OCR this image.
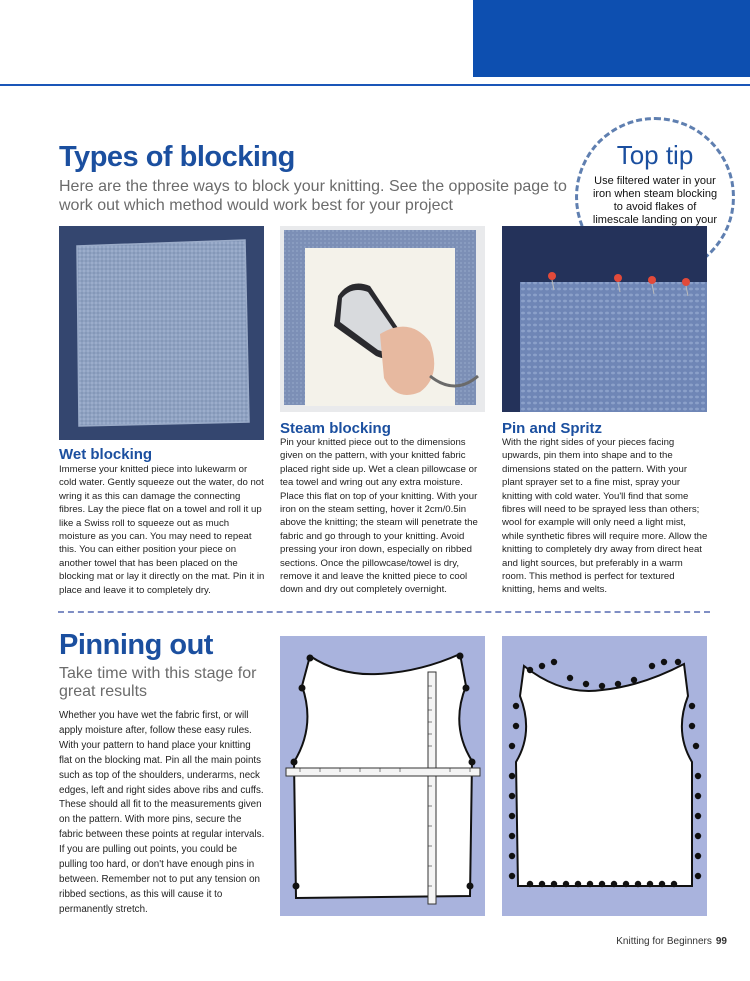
Types of blocking
Here are the three ways to block your knitting. See the opposite page to work out which method would work best for your project
Top tip
Use filtered water in your iron when steam blocking to avoid flakes of limescale landing on your
Wet blocking
Immerse your knitted piece into lukewarm or cold water. Gently squeeze out the water, do not wring it as this can damage the connecting fibres. Lay the piece flat on a towel and roll it up like a Swiss roll to squeeze out as much moisture as you can. You may need to repeat this. You can either position your piece on another towel that has been placed on the blocking mat or lay it directly on the mat. Pin it in place and leave it to completely dry.
Steam blocking
Pin your knitted piece out to the dimensions given on the pattern, with your knitted fabric placed right side up. Wet a clean pillowcase or tea towel and wring out any extra moisture. Place this flat on top of your knitting. With your iron on the steam setting, hover it 2cm/0.5in above the knitting; the steam will penetrate the fabric and go through to your knitting. Avoid pressing your iron down, especially on ribbed sections. Once the pillowcase/towel is dry, remove it and leave the knitted piece to cool down and dry out completely overnight.
Pin and Spritz
With the right sides of your pieces facing upwards, pin them into shape and to the dimensions stated on the pattern. With your plant sprayer set to a fine mist, spray your knitting with cold water. You'll find that some fibres will need to be sprayed less than others; wool for example will only need a light mist, while synthetic fibres will require more. Allow the knitting to completely dry away from direct heat and light sources, but preferably in a warm room. This method is perfect for textured knitting, hems and welts.
Pinning out
Take time with this stage for great results
Whether you have wet the fabric first, or will apply moisture after, follow these easy rules. With your pattern to hand place your knitting flat on the blocking mat. Pin all the main points such as top of the shoulders, underarms, neck edges, left and right sides above ribs and cuffs. These should all fit to the measurements given on the pattern. With more pins, secure the fabric between these points at regular intervals. If you are pulling out points, you could be pulling too hard, or don't have enough pins in between. Remember not to put any tension on ribbed sections, as this will cause it to permanently stretch.
Knitting for Beginners 99
